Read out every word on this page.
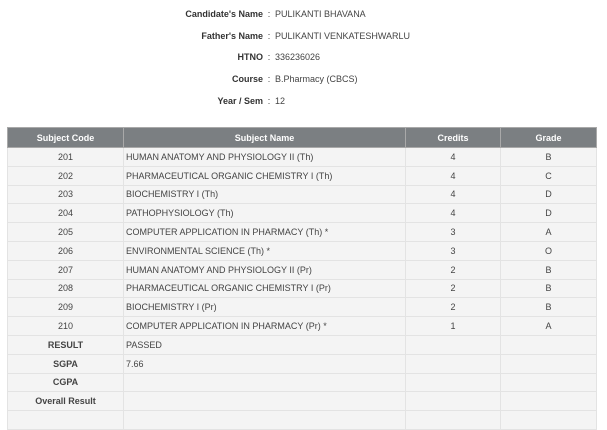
Candidate's Name : PULIKANTI BHAVANA
Father's Name : PULIKANTI VENKATESHWARLU
HTNO : 336236026
Course : B.Pharmacy (CBCS)
Year / Sem : 12
Subject Code	Subject Name	Credits	Grade
201	HUMAN ANATOMY AND PHYSIOLOGY II (Th)	4	B
202	PHARMACEUTICAL ORGANIC CHEMISTRY I (Th)	4	C
203	BIOCHEMISTRY I (Th)	4	D
204	PATHOPHYSIOLOGY (Th)	4	D
205	COMPUTER APPLICATION IN PHARMACY (Th) *	3	A
206	ENVIRONMENTAL SCIENCE (Th) *	3	O
207	HUMAN ANATOMY AND PHYSIOLOGY II (Pr)	2	B
208	PHARMACEUTICAL ORGANIC CHEMISTRY I (Pr)	2	B
209	BIOCHEMISTRY I (Pr)	2	B
210	COMPUTER APPLICATION IN PHARMACY (Pr) *	1	A
RESULT	PASSED		
SGPA	7.66		
CGPA			
Overall Result			
